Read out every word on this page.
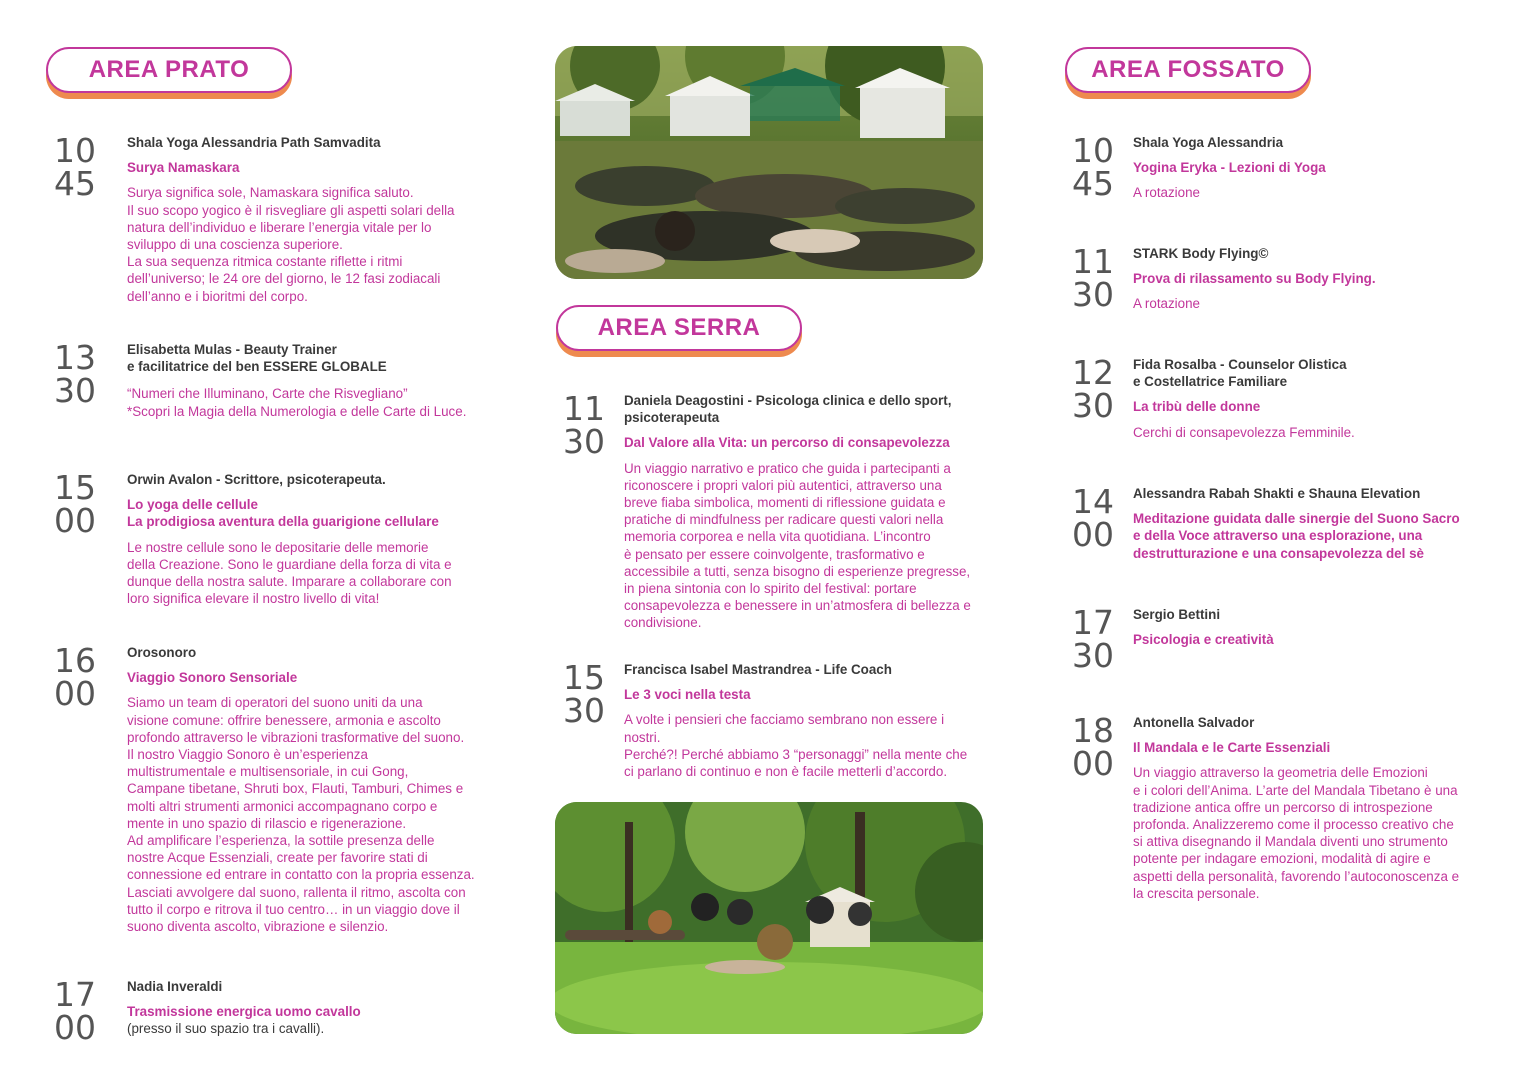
AREA PRATO
AREA SERRA
AREA FOSSATO
10
45
Shala Yoga Alessandria Path Samvadita
Surya Namaskara
Surya significa sole, Namaskara significa saluto.
Il suo scopo yogico è il risvegliare gli aspetti solari della
natura dell’individuo e liberare l’energia vitale per lo
sviluppo di una coscienza superiore.
La sua sequenza ritmica costante riflette i ritmi
dell’universo; le 24 ore del giorno, le 12 fasi zodiacali
dell’anno e i bioritmi del corpo.
13
30
Elisabetta Mulas - Beauty Trainer
e facilitatrice del ben ESSERE GLOBALE
“Numeri che Illuminano, Carte che Risvegliano”
*Scopri la Magia della Numerologia e delle Carte di Luce.
15
00
Orwin Avalon - Scrittore, psicoterapeuta.
Lo yoga delle cellule
La prodigiosa aventura della guarigione cellulare
Le nostre cellule sono le depositarie delle memorie
della Creazione. Sono le guardiane della forza di vita e
dunque della nostra salute. Imparare a collaborare con
loro significa elevare il nostro livello di vita!
16
00
Orosonoro
Viaggio Sonoro Sensoriale
Siamo un team di operatori del suono uniti da una
visione comune: offrire benessere, armonia e ascolto
profondo attraverso le vibrazioni trasformative del suono.
Il nostro Viaggio Sonoro è un’esperienza
multistrumentale e multisensoriale, in cui Gong,
Campane tibetane, Shruti box, Flauti, Tamburi, Chimes e
molti altri strumenti armonici accompagnano corpo e
mente in uno spazio di rilascio e rigenerazione.
Ad amplificare l’esperienza, la sottile presenza delle
nostre Acque Essenziali, create per favorire stati di
connessione ed entrare in contatto con la propria essenza.
Lasciati avvolgere dal suono, rallenta il ritmo, ascolta con
tutto il corpo e ritrova il tuo centro… in un viaggio dove il
suono diventa ascolto, vibrazione e silenzio.
17
00
Nadia Inveraldi
Trasmissione energica uomo cavallo
(presso il suo spazio tra i cavalli).
11
30
Daniela Deagostini - Psicologa clinica e dello sport,
psicoterapeuta
Dal Valore alla Vita: un percorso di consapevolezza
Un viaggio narrativo e pratico che guida i partecipanti a
riconoscere i propri valori più autentici, attraverso una
breve fiaba simbolica, momenti di riflessione guidata e
pratiche di mindfulness per radicare questi valori nella
memoria corporea e nella vita quotidiana. L’incontro
è pensato per essere coinvolgente, trasformativo e
accessibile a tutti, senza bisogno di esperienze pregresse,
in piena sintonia con lo spirito del festival: portare
consapevolezza e benessere in un’atmosfera di bellezza e
condivisione.
15
30
Francisca Isabel Mastrandrea - Life Coach
Le 3 voci nella testa
A volte i pensieri che facciamo sembrano non essere i
nostri.
Perché?! Perché abbiamo 3 “personaggi” nella mente che
ci parlano di continuo e non è facile metterli d’accordo.
10
45
Shala Yoga Alessandria
Yogina Eryka - Lezioni di Yoga
A rotazione
11
30
STARK Body Flying©
Prova di rilassamento su Body Flying.
A rotazione
12
30
Fida Rosalba - Counselor Olistica
e Costellatrice Familiare
La tribù delle donne
Cerchi di consapevolezza Femminile.
14
00
Alessandra Rabah Shakti e Shauna Elevation
Meditazione guidata dalle sinergie del Suono Sacro
e della Voce attraverso una esplorazione, una
destrutturazione e una consapevolezza del sè
17
30
Sergio Bettini
Psicologia e creatività
18
00
Antonella Salvador
Il Mandala e le Carte Essenziali
Un viaggio attraverso la geometria delle Emozioni
e i colori dell’Anima. L’arte del Mandala Tibetano è una
tradizione antica offre un percorso di introspezione
profonda. Analizzeremo come il processo creativo che
si attiva disegnando il Mandala diventi uno strumento
potente per indagare emozioni, modalità di agire e
aspetti della personalità, favorendo l’autoconoscenza e
la crescita personale.
